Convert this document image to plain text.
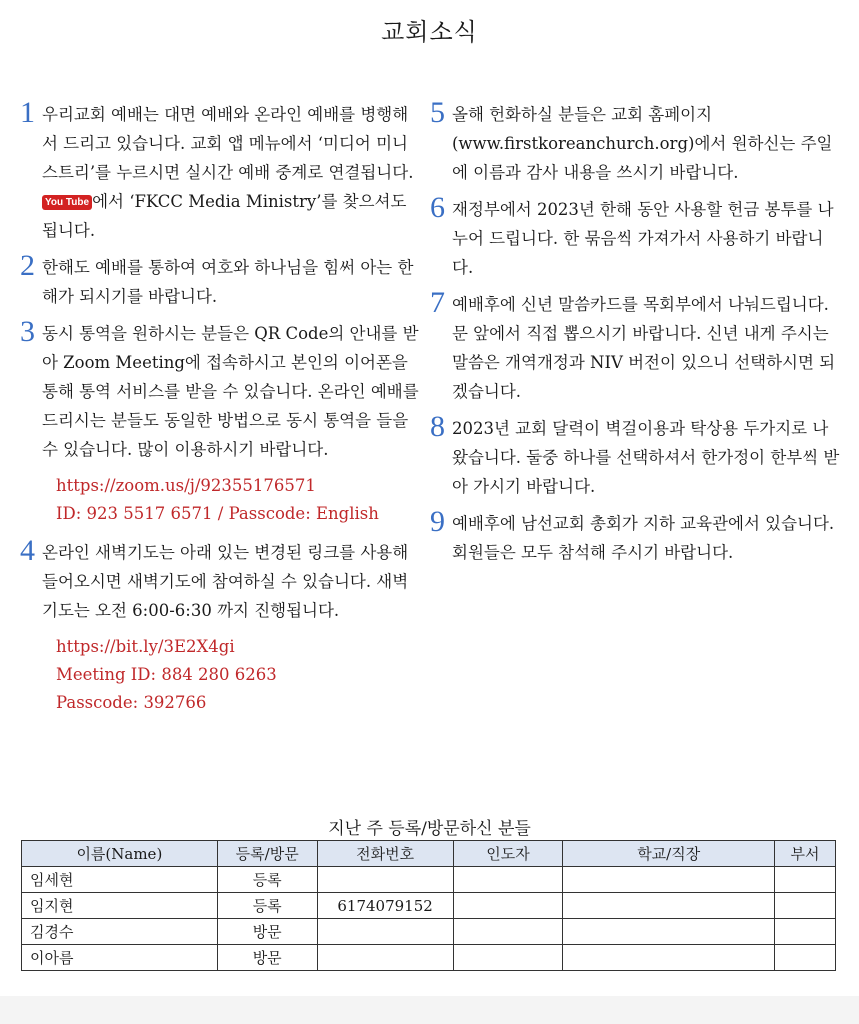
교회소식
1 우리교회 예배는 대면 예배와 온라인 예배를 병행해서 드리고 있습니다. 교회 앱 메뉴에서 ‘미디어 미니스트리’를 누르시면 실시간 예배 중계로 연결됩니다. You Tube 에서 ‘FKCC Media Ministry’를 찾으셔도 됩니다.
2 한해도 예배를 통하여 여호와 하나님을 힘써 아는 한해가 되시기를 바랍니다.
3 동시 통역을 원하시는 분들은 QR Code의 안내를 받아 Zoom Meeting에 접속하시고 본인의 이어폰을 통해 통역 서비스를 받을 수 있습니다. 온라인 예배를 드리시는 분들도 동일한 방법으로 동시 통역을 들을 수 있습니다. 많이 이용하시기 바랍니다.
https://zoom.us/j/92355176571
ID: 923 5517 6571 / Passcode: English
4 온라인 새벽기도는 아래 있는 변경된 링크를 사용해 들어오시면 새벽기도에 참여하실 수 있습니다. 새벽기도는 오전 6:00-6:30 까지 진행됩니다.
https://bit.ly/3E2X4gi
Meeting ID: 884 280 6263
Passcode: 392766
5 올해 헌화하실 분들은 교회 홈페이지 (www.firstkoreanchurch.org)에서 원하신는 주일에 이름과 감사 내용을 쓰시기 바랍니다.
6 재정부에서 2023년 한해 동안 사용할 헌금 봉투를 나누어 드립니다. 한 묶음씩 가져가서 사용하기 바랍니다.
7 예배후에 신년 말씀카드를 목회부에서 나눠드립니다. 문 앞에서 직접 뽑으시기 바랍니다. 신년 내게 주시는 말씀은 개역개정과 NIV 버전이 있으니 선택하시면 되겠습니다.
8 2023년 교회 달력이 벽걸이용과 탁상용 두가지로 나왔습니다. 둘중 하나를 선택하셔서 한가정이 한부씩 받아 가시기 바랍니다.
9 예배후에 남선교회 총회가 지하 교육관에서 있습니다. 회원들은 모두 참석해 주시기 바랍니다.
지난 주 등록/방문하신 분들
이름(Name)	등록/방문	전화번호	인도자	학교/직장	부서
임세현	등록				
임지현	등록	6174079152			
김경수	방문				
이아름	방문				
